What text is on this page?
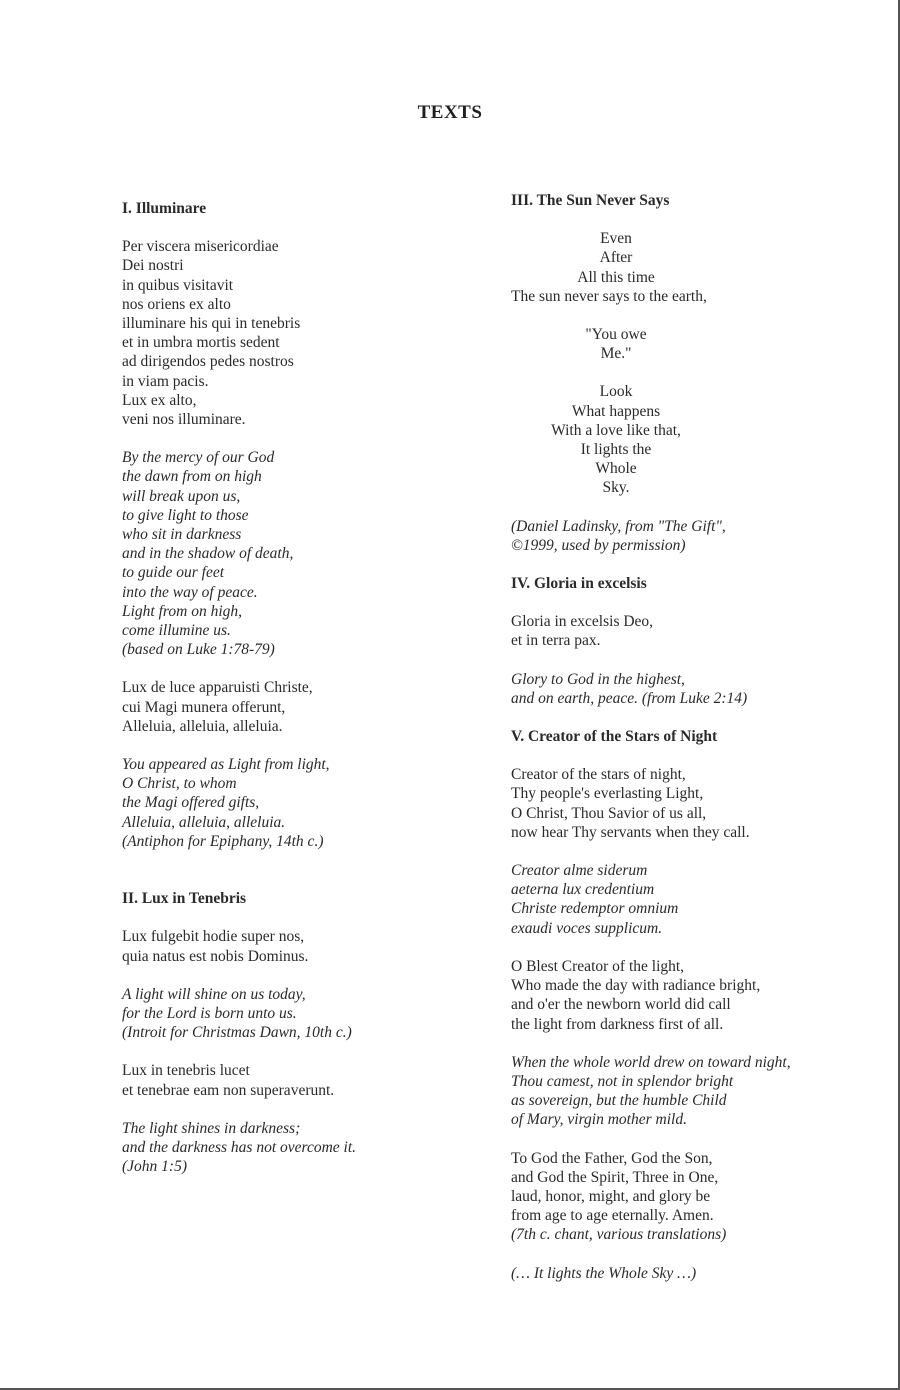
TEXTS
I. Illuminare
Per viscera misericordiae
Dei nostri
in quibus visitavit
nos oriens ex alto
illuminare his qui in tenebris
et in umbra mortis sedent
ad dirigendos pedes nostros
in viam pacis.
Lux ex alto,
veni nos illuminare.
By the mercy of our God
the dawn from on high
will break upon us,
to give light to those
who sit in darkness
and in the shadow of death,
to guide our feet
into the way of peace.
Light from on high,
come illumine us.
(based on Luke 1:78-79)
Lux de luce apparuisti Christe,
cui Magi munera offerunt,
Alleluia, alleluia, alleluia.
You appeared as Light from light,
O Christ, to whom
the Magi offered gifts,
Alleluia, alleluia, alleluia.
(Antiphon for Epiphany, 14th c.)
II. Lux in Tenebris
Lux fulgebit hodie super nos,
quia natus est nobis Dominus.
A light will shine on us today,
for the Lord is born unto us.
(Introit for Christmas Dawn, 10th c.)
Lux in tenebris lucet
et tenebrae eam non superaverunt.
The light shines in darkness;
and the darkness has not overcome it.
(John 1:5)
III. The Sun Never Says
Even
After
All this time
The sun never says to the earth,
"You owe
Me."
Look
What happens
With a love like that,
It lights the
Whole
Sky.
(Daniel Ladinsky, from "The Gift",
©1999, used by permission)
IV. Gloria in excelsis
Gloria in excelsis Deo,
et in terra pax.
Glory to God in the highest,
and on earth, peace. (from Luke 2:14)
V. Creator of the Stars of Night
Creator of the stars of night,
Thy people's everlasting Light,
O Christ, Thou Savior of us all,
now hear Thy servants when they call.
Creator alme siderum
aeterna lux credentium
Christe redemptor omnium
exaudi voces supplicum.
O Blest Creator of the light,
Who made the day with radiance bright,
and o'er the newborn world did call
the light from darkness first of all.
When the whole world drew on toward night,
Thou camest, not in splendor bright
as sovereign, but the humble Child
of Mary, virgin mother mild.
To God the Father, God the Son,
and God the Spirit, Three in One,
laud, honor, might, and glory be
from age to age eternally. Amen.
(7th c. chant, various translations)
(… It lights the Whole Sky …)
